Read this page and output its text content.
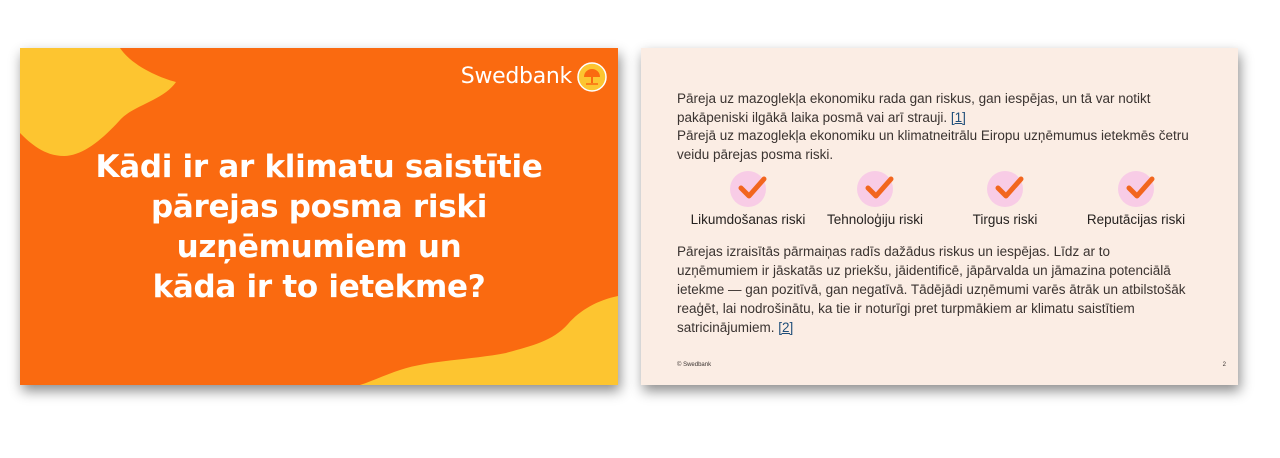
Swedbank
Kādi ir ar klimatu saistītie
pārejas posma riski
uzņēmumiem un
kāda ir to ietekme?
Pāreja uz mazoglekļa ekonomiku rada gan riskus, gan iespējas, un tā var notikt
pakāpeniski ilgākā laika posmā vai arī strauji. [1]
Pārejā uz mazoglekļa ekonomiku un klimatneitrālu Eiropu uzņēmumus ietekmēs četru
veidu pārejas posma riski.
Likumdošanas riski	Tehnoloģiju riski	Tirgus riski	Reputācijas riski
Pārejas izraisītās pārmaiņas radīs dažādus riskus un iespējas. Līdz ar to
uzņēmumiem ir jāskatās uz priekšu, jāidentificē, jāpārvalda un jāmazina potenciālā
ietekme — gan pozitīvā, gan negatīvā. Tādējādi uzņēmumi varēs ātrāk un atbilstošāk
reaģēt, lai nodrošinātu, ka tie ir noturīgi pret turpmākiem ar klimatu saistītiem
satricinājumiem. [2]
© Swedbank	2
